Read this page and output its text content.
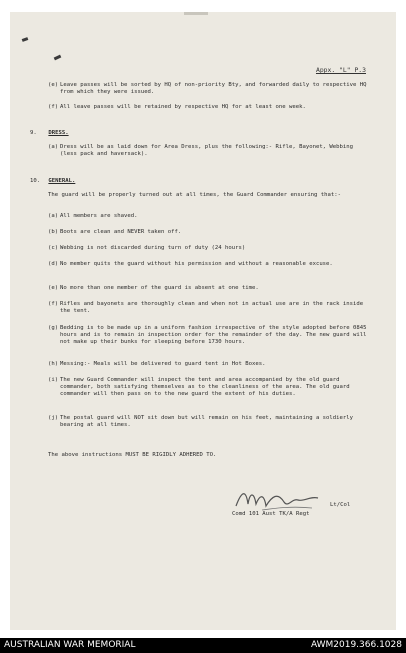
Appx. "L" P.3
(e) Leave passes will be sorted by HQ of non-priority Bty, and forwarded daily to respective HQ from which they were issued.
(f) All leave passes will be retained by respective HQ for at least one week.
9. DRESS.
(a) Dress will be as laid down for Area Dress, plus the following:- Rifle, Bayonet, Webbing (less pack and haversack).
10. GENERAL.
The guard will be properly turned out at all times, the Guard Commander ensuring that:-
(a) All members are shaved.
(b) Boots are clean and NEVER taken off.
(c) Webbing is not discarded during turn of duty (24 hours)
(d) No member quits the guard without his permission and without a reasonable excuse.
(e) No more than one member of the guard is absent at one time.
(f) Rifles and bayonets are thoroughly clean and when not in actual use are in the rack inside the tent.
(g) Bedding is to be made up in a uniform fashion irrespective of the style adopted before 0845 hours and is to remain in inspection order for the remainder of the day. The new guard will not make up their bunks for sleeping before 1730 hours.
(h) Messing:- Meals will be delivered to guard tent in Hot Boxes.
(i) The new Guard Commander will inspect the tent and area accompanied by the old guard commander, both satisfying themselves as to the cleanliness of the area. The old guard commander will then pass on to the new guard the extent of his duties.
(j) The postal guard will NOT sit down but will remain on his feet, maintaining a soldierly bearing at all times.
The above instructions MUST BE RIGIDLY ADHERED TO.
Lt/Col
Comd 101 Aust TK/A Regt
AUSTRALIAN WAR MEMORIAL	AWM2019.366.1028
